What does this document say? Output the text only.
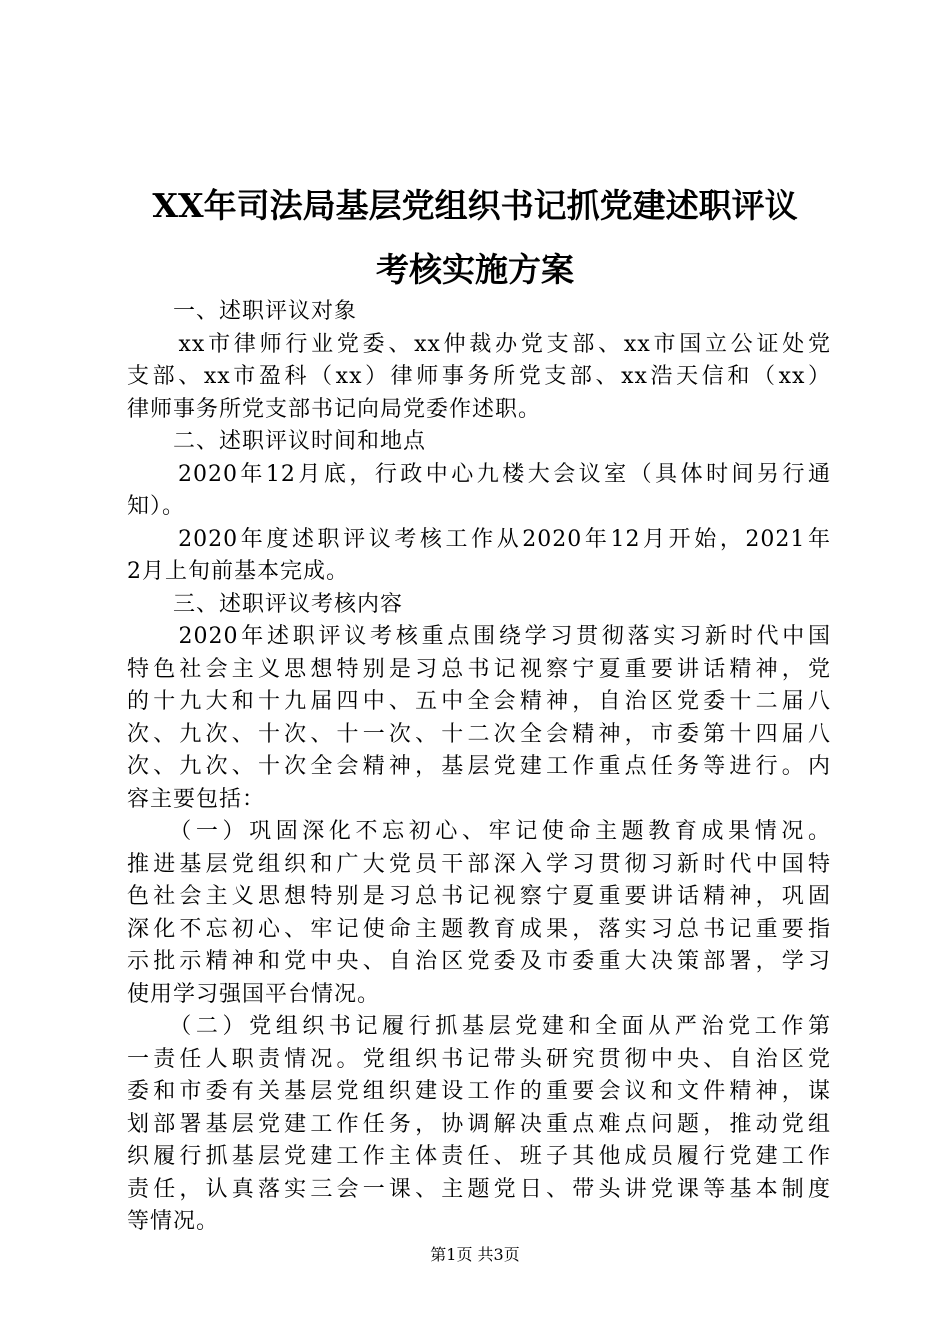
XX年司法局基层党组织书记抓党建述职评议
考核实施方案
　　一、述职评议对象
　　xx市律师行业党委、xx仲裁办党支部、xx市国立公证处党
支部、xx市盈科（xx）律师事务所党支部、xx浩天信和（xx）
律师事务所党支部书记向局党委作述职。
　　二、述职评议时间和地点
　　2020年12月底，行政中心九楼大会议室（具体时间另行通
知）。
　　2020年度述职评议考核工作从2020年12月开始，2021年
2月上旬前基本完成。
　　三、述职评议考核内容
　　2020年述职评议考核重点围绕学习贯彻落实习新时代中国
特色社会主义思想特别是习总书记视察宁夏重要讲话精神，党
的十九大和十九届四中、五中全会精神，自治区党委十二届八
次、九次、十次、十一次、十二次全会精神，市委第十四届八
次、九次、十次全会精神，基层党建工作重点任务等进行。内
容主要包括：
　　（一）巩固深化不忘初心、牢记使命主题教育成果情况。
推进基层党组织和广大党员干部深入学习贯彻习新时代中国特
色社会主义思想特别是习总书记视察宁夏重要讲话精神，巩固
深化不忘初心、牢记使命主题教育成果，落实习总书记重要指
示批示精神和党中央、自治区党委及市委重大决策部署，学习
使用学习强国平台情况。
　　（二）党组织书记履行抓基层党建和全面从严治党工作第
一责任人职责情况。党组织书记带头研究贯彻中央、自治区党
委和市委有关基层党组织建设工作的重要会议和文件精神，谋
划部署基层党建工作任务，协调解决重点难点问题，推动党组
织履行抓基层党建工作主体责任、班子其他成员履行党建工作
责任，认真落实三会一课、主题党日、带头讲党课等基本制度
等情况。
第1页 共3页
